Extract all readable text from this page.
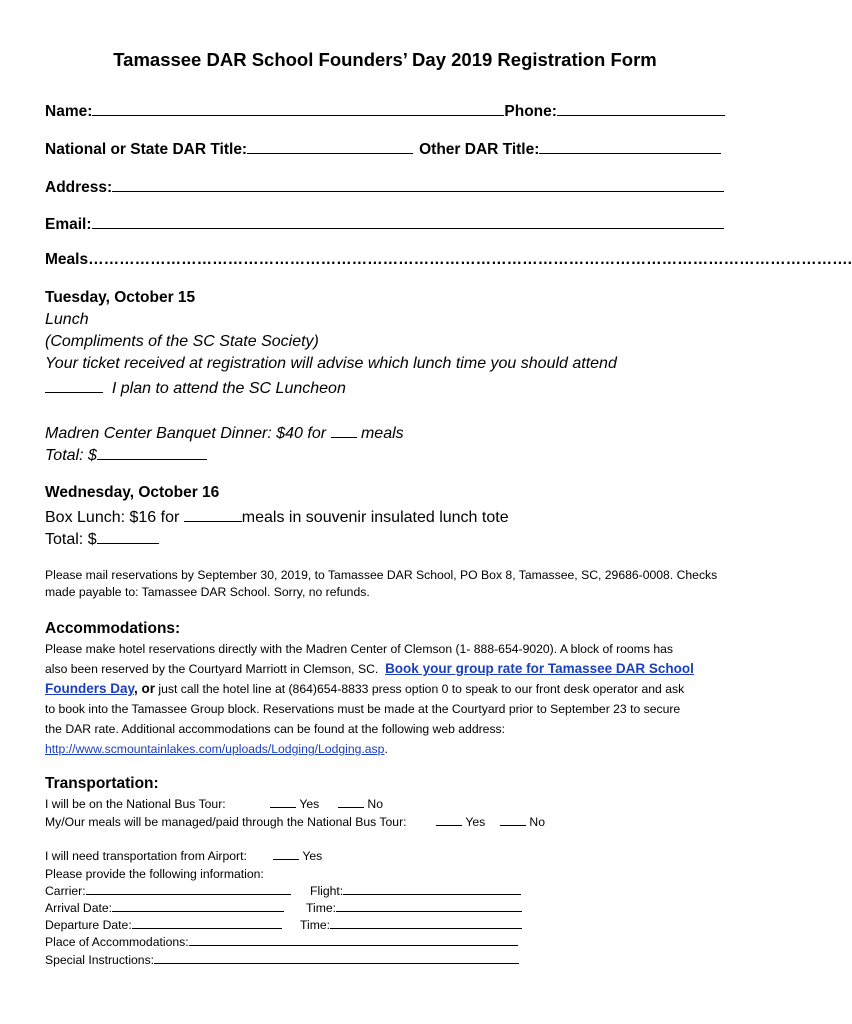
Tamassee DAR School Founders’ Day 2019 Registration Form
Name:	Phone:
National or State DAR Title:	Other DAR Title:
Address:
Email:
Meals………………………………………………………………………………………………………………………………….
Tuesday, October 15
Lunch
(Compliments of the SC State Society)
Your ticket received at registration will advise which lunch time you should attend
I plan to attend the SC Luncheon
Madren Center Banquet Dinner: $40 for meals
Total: $
Wednesday, October 16
Box Lunch: $16 for	meals in souvenir insulated lunch tote
Total: $
Please mail reservations by September 30, 2019, to Tamassee DAR School, PO Box 8, Tamassee, SC, 29686-0008. Checks
made payable to: Tamassee DAR School. Sorry, no refunds.
Accommodations:
Please make hotel reservations directly with the Madren Center of Clemson (1- 888-654-9020). A block of rooms has
also been reserved by the Courtyard Marriott in Clemson, SC. Book your group rate for Tamassee DAR School
Founders Day, or just call the hotel line at (864)654-8833 press option 0 to speak to our front desk operator and ask
to book into the Tamassee Group block. Reservations must be made at the Courtyard prior to September 23 to secure
the DAR rate. Additional accommodations can be found at the following web address:
http://www.scmountainlakes.com/uploads/Lodging/Lodging.asp.
Transportation:
I will be on the National Bus Tour:	Yes	No
My/Our meals will be managed/paid through the National Bus Tour:	Yes	No
I will need transportation from Airport:	Yes
Please provide the following information:
Carrier:	Flight:
Arrival Date:	Time:
Departure Date:	Time:
Place of Accommodations:
Special Instructions:
